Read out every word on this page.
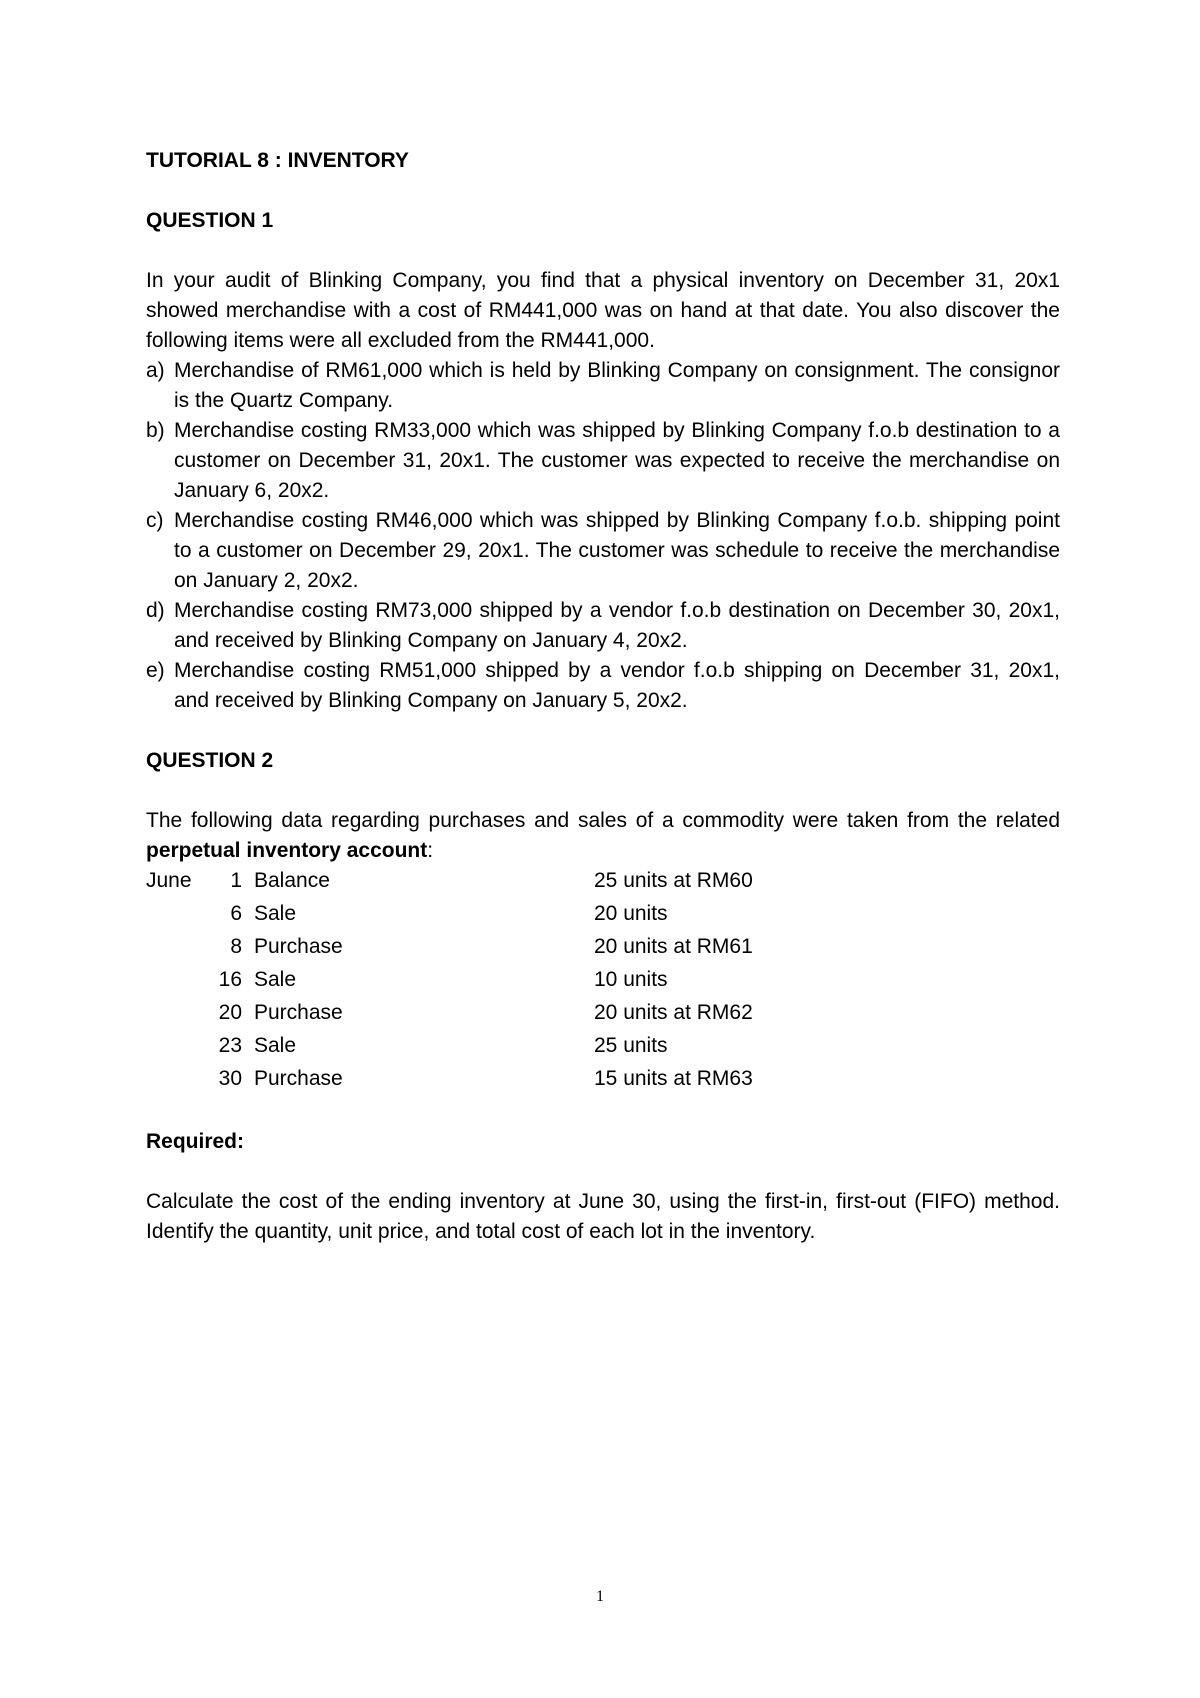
TUTORIAL 8 : INVENTORY

QUESTION 1

In your audit of Blinking Company, you find that a physical inventory on December 31, 20x1 showed merchandise with a cost of RM441,000 was on hand at that date. You also discover the following items were all excluded from the RM441,000.

a) Merchandise of RM61,000 which is held by Blinking Company on consignment. The consignor is the Quartz Company.
b) Merchandise costing RM33,000 which was shipped by Blinking Company f.o.b destination to a customer on December 31, 20x1. The customer was expected to receive the merchandise on January 6, 20x2.
c) Merchandise costing RM46,000 which was shipped by Blinking Company f.o.b. shipping point to a customer on December 29, 20x1. The customer was schedule to receive the merchandise on January 2, 20x2.
d) Merchandise costing RM73,000 shipped by a vendor f.o.b destination on December 30, 20x1, and received by Blinking Company on January 4, 20x2.
e) Merchandise costing RM51,000 shipped by a vendor f.o.b shipping on December 31, 20x1, and received by Blinking Company on January 5, 20x2.

QUESTION 2

The following data regarding purchases and sales of a commodity were taken from the related perpetual inventory account:

June	1	Balance	25 units at RM60
	6	Sale	20 units
	8	Purchase	20 units at RM61
	16	Sale	10 units
	20	Purchase	20 units at RM62
	23	Sale	25 units
	30	Purchase	15 units at RM63

Required:

Calculate the cost of the ending inventory at June 30, using the first-in, first-out (FIFO) method. Identify the quantity, unit price, and total cost of each lot in the inventory.

1
